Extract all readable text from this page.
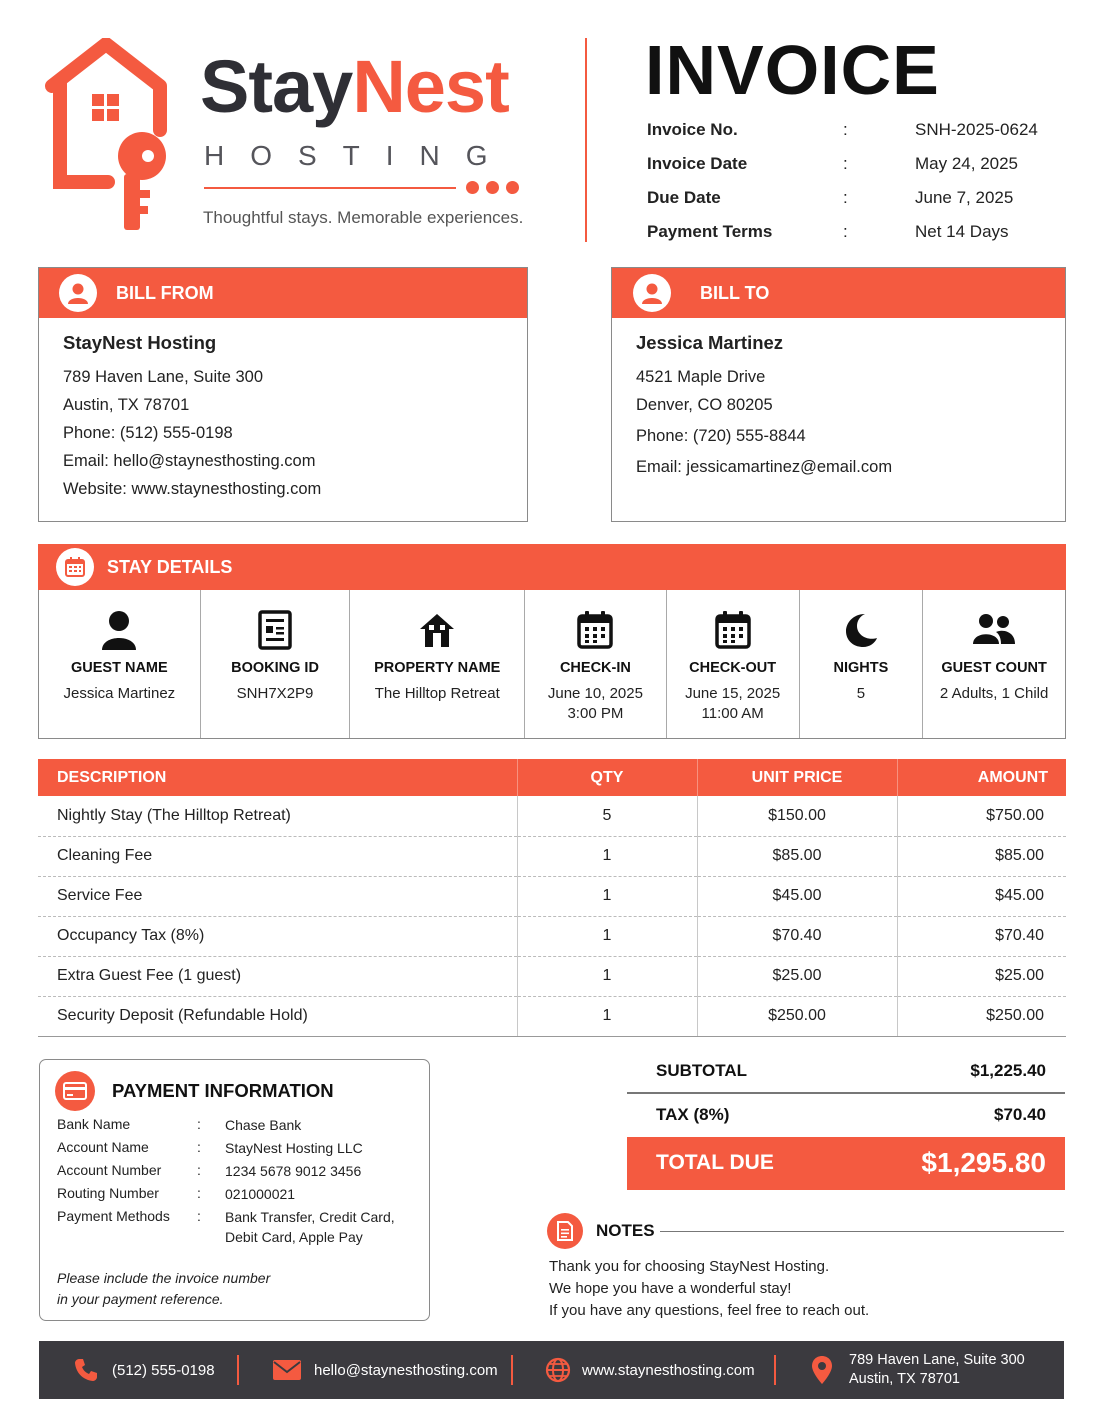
StayNest
HOSTING
Thoughtful stays. Memorable experiences.
INVOICE
Invoice No.	:	SNH-2025-0624
Invoice Date	:	May 24, 2025
Due Date	:	June 7, 2025
Payment Terms	:	Net 14 Days
BILL FROM
StayNest Hosting
789 Haven Lane, Suite 300
Austin, TX 78701
Phone: (512) 555-0198
Email: hello@staynesthosting.com
Website: www.staynesthosting.com
BILL TO
Jessica Martinez
4521 Maple Drive
Denver, CO 80205
Phone: (720) 555-8844
Email: jessicamartinez@email.com
STAY DETAILS
GUEST NAME
Jessica Martinez
BOOKING ID
SNH7X2P9
PROPERTY NAME
The Hilltop Retreat
CHECK-IN
June 10, 2025
3:00 PM
CHECK-OUT
June 15, 2025
11:00 AM
NIGHTS
5
GUEST COUNT
2 Adults, 1 Child
DESCRIPTION	QTY	UNIT PRICE	AMOUNT
Nightly Stay (The Hilltop Retreat)	5	$150.00	$750.00
Cleaning Fee	1	$85.00	$85.00
Service Fee	1	$45.00	$45.00
Occupancy Tax (8%)	1	$70.40	$70.40
Extra Guest Fee (1 guest)	1	$25.00	$25.00
Security Deposit (Refundable Hold)	1	$250.00	$250.00
PAYMENT INFORMATION
Bank Name	: Chase Bank
Account Name	: StayNest Hosting LLC
Account Number	: 1234 5678 9012 3456
Routing Number	: 021000021
Payment Methods : Bank Transfer, Credit Card,
Debit Card, Apple Pay
Please include the invoice number
in your payment reference.
SUBTOTAL	$1,225.40
TAX (8%)	$70.40
TOTAL DUE	$1,295.80
NOTES
Thank you for choosing StayNest Hosting.
We hope you have a wonderful stay!
If you have any questions, feel free to reach out.
(512) 555-0198	hello@staynesthosting.com	www.staynesthosting.com
789 Haven Lane, Suite 300
Austin, TX 78701
